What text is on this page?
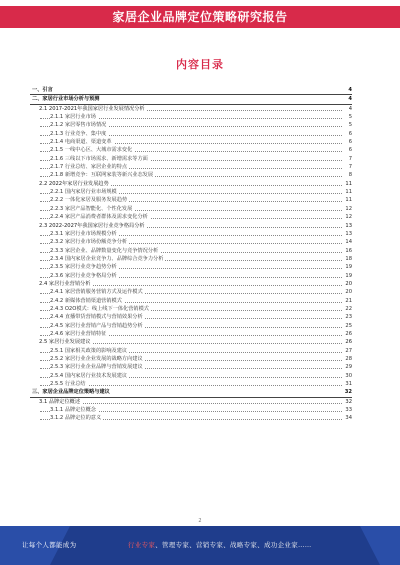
家居企业品牌定位策略研究报告
内容目录
一、引言	4
二、家居行业市场分析与预测	4
2.1 2017-2021年我国家居行业发展情况分析	4
2.1.1 家居行业市场	5
2.1.2 家居零售市场情况	5
2.1.3 行业竞争、集中度	6
2.1.4 电商渠道、渠道变革	6
2.1.5 一线中心区、大城市需求变化	6
2.1.6 三线以下市场需求、新增需求等方面	7
2.1.7 行业总结、家居企业的特点	7
2.1.8 新增竞争：互联网家装等新兴业态发展	8
2.2 2022年家居行业发展趋势	11
2.2.1 国内家居行业市场规模	11
2.2.2 一体化家居及服务发展趋势	11
2.2.3 家居产品智能化、个性化发展	12
2.2.4 家居产品消费者群体及需求变化分析	12
2.3 2022-2027年我国家居行业竞争格局分析	13
2.3.1 家居行业市场规模分析	13
2.3.2 家居行业市场份额竞争分析	14
2.3.3 家居企业、品牌数量变化与竞争情况分析	16
2.3.4 国内家居企业竞争力、品牌综合竞争力分析	18
2.3.5 家居行业竞争趋势分析	19
2.3.6 家居行业竞争格局分析	19
2.4 家居行业营销分析	20
2.4.1 家居营销服务营销方式及运作模式	20
2.4.2 新媒体营销渠道营销模式	21
2.4.3 O2O模式：线上线下一体化营销模式	22
2.4.4 直播带货营销模式与营销效果分析	23
2.4.5 家居行业营销产品与营销趋势分析	25
2.4.6 家居行业营销特征	26
2.5 家居行业发展建议	26
2.5.1 国家相关政策的影响及建议	27
2.5.2 家居行业企业发展的战略方向建议	28
2.5.3 家居行业企业品牌与营销发展建议	29
2.5.4 国内家居行业技术发展建议	30
2.5.5 行业总结	31
三、家居企业品牌定位策略与建议	32
3.1 品牌定位概述	32
3.1.1 品牌定位概念	33
3.1.2 品牌定位的意义	34
2
让每个人都能成为	行业专家、管理专家、营销专家、战略专家、成功企业家……
